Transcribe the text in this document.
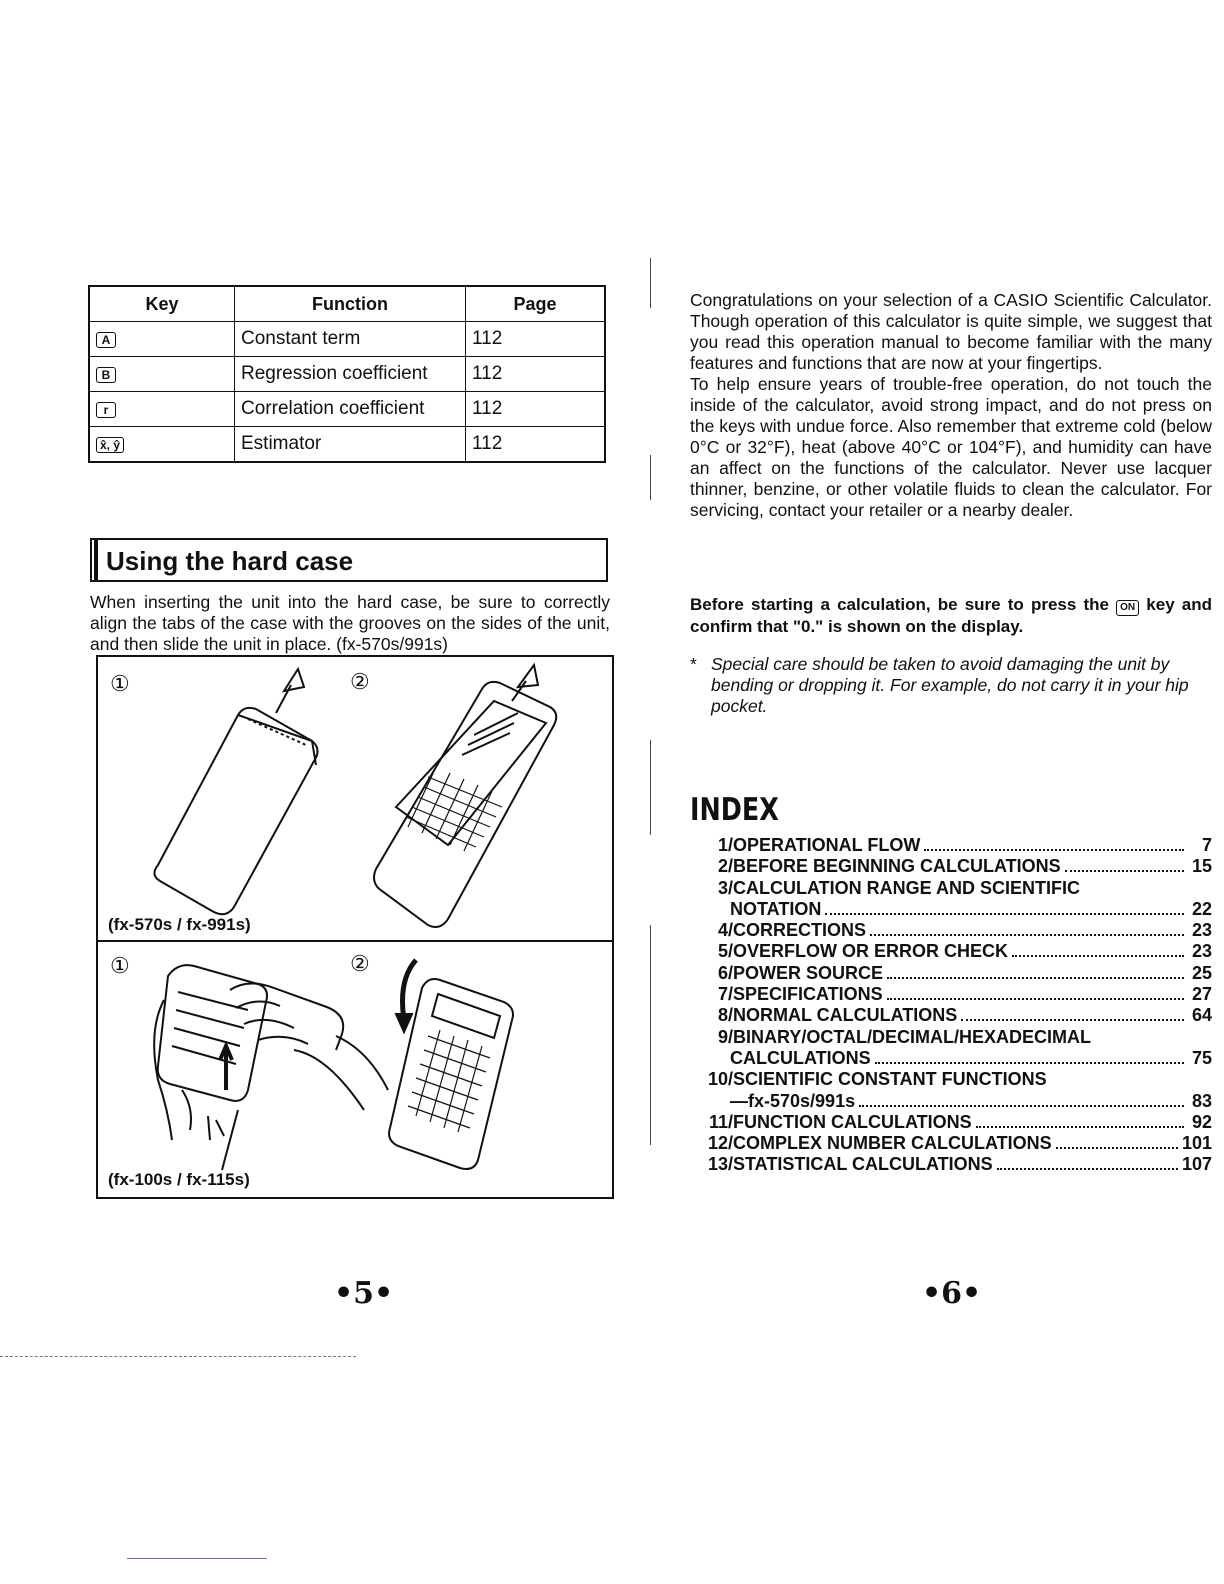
Key	Function	Page
A	Constant term	112
B	Regression coefficient	112
r	Correlation coefficient	112
x̂, ŷ	Estimator	112
Using the hard case
When inserting the unit into the hard case, be sure to correctly align the tabs of the case with the grooves on the sides of the unit, and then slide the unit in place. (fx-570s/991s)
①	②
(fx-570s / fx-991s)
①	②
(fx-100s / fx-115s)
•5•
Congratulations on your selection of a CASIO Scientific Calculator. Though operation of this calculator is quite simple, we suggest that you read this operation manual to become familiar with the many features and functions that are now at your fingertips.
To help ensure years of trouble-free operation, do not touch the inside of the calculator, avoid strong impact, and do not press on the keys with undue force. Also remember that extreme cold (below 0°C or 32°F), heat (above 40°C or 104°F), and humidity can have an affect on the functions of the calculator. Never use lacquer thinner, benzine, or other volatile fluids to clean the calculator. For servicing, contact your retailer or a nearby dealer.
Before starting a calculation, be sure to press the ON key and confirm that "0." is shown on the display.
* Special care should be taken to avoid damaging the unit by bending or dropping it. For example, do not carry it in your hip pocket.
INDEX
1/ OPERATIONAL FLOW	7
2/ BEFORE BEGINNING CALCULATIONS	15
3/ CALCULATION RANGE AND SCIENTIFIC
NOTATION	22
4/ CORRECTIONS	23
5/ OVERFLOW OR ERROR CHECK	23
6/ POWER SOURCE	25
7/ SPECIFICATIONS	27
8/ NORMAL CALCULATIONS	64
9/ BINARY/OCTAL/DECIMAL/HEXADECIMAL
CALCULATIONS	75
10/ SCIENTIFIC CONSTANT FUNCTIONS
—fx-570s/991s	83
11/ FUNCTION CALCULATIONS	92
12/ COMPLEX NUMBER CALCULATIONS	101
13/ STATISTICAL CALCULATIONS	107
•6•
